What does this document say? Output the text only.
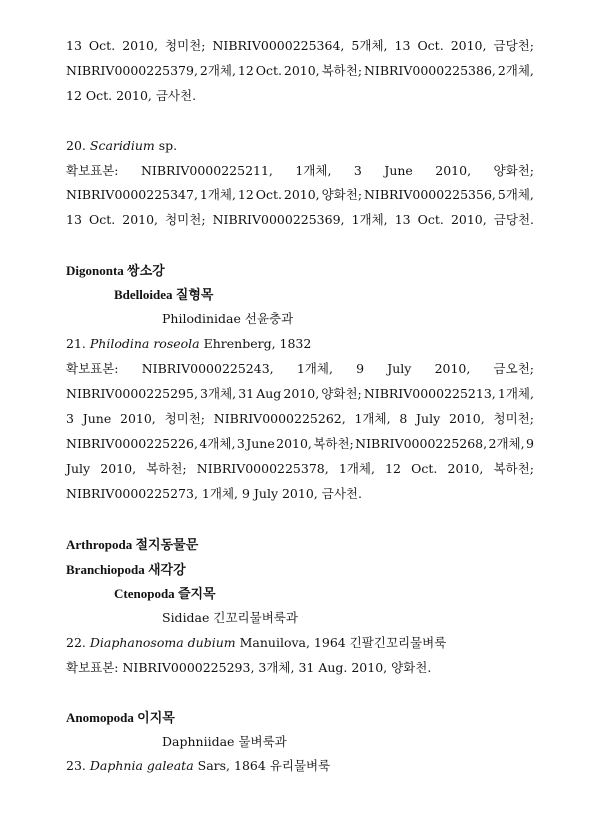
13 Oct. 2010, 청미천; NIBRIV0000225364, 5개체, 13 Oct. 2010, 금당천;
NIBRIV0000225379, 2개체, 12 Oct. 2010, 복하천; NIBRIV0000225386, 2개체,
12 Oct. 2010, 금사천.
20. Scaridium sp.
확보표본: NIBRIV0000225211, 1개체, 3 June 2010, 양화천;
NIBRIV0000225347, 1개체, 12 Oct. 2010, 양화천; NIBRIV0000225356, 5개체,
13 Oct. 2010, 청미천; NIBRIV0000225369, 1개체, 13 Oct. 2010, 금당천.
Digononta 쌍소강
Bdelloidea 질형목
Philodinidae 선윤충과
21. Philodina roseola Ehrenberg, 1832
확보표본: NIBRIV0000225243, 1개체, 9 July 2010, 금오천;
NIBRIV0000225295, 3개체, 31 Aug 2010, 양화천; NIBRIV0000225213, 1개체,
3 June 2010, 청미천; NIBRIV0000225262, 1개체, 8 July 2010, 청미천;
NIBRIV0000225226, 4개체, 3 June 2010, 복하천; NIBRIV0000225268, 2개체, 9
July 2010, 복하천; NIBRIV0000225378, 1개체, 12 Oct. 2010, 복하천;
NIBRIV0000225273, 1개체, 9 July 2010, 금사천.
Arthropoda 절지동물문
Branchiopoda 새각강
Ctenopoda 즐지목
Sididae 긴꼬리물벼룩과
22. Diaphanosoma dubium Manuilova, 1964 긴팔긴꼬리물벼룩
확보표본: NIBRIV0000225293, 3개체, 31 Aug. 2010, 양화천.
Anomopoda 이지목
Daphniidae 물벼룩과
23. Daphnia galeata Sars, 1864 유리물벼룩
